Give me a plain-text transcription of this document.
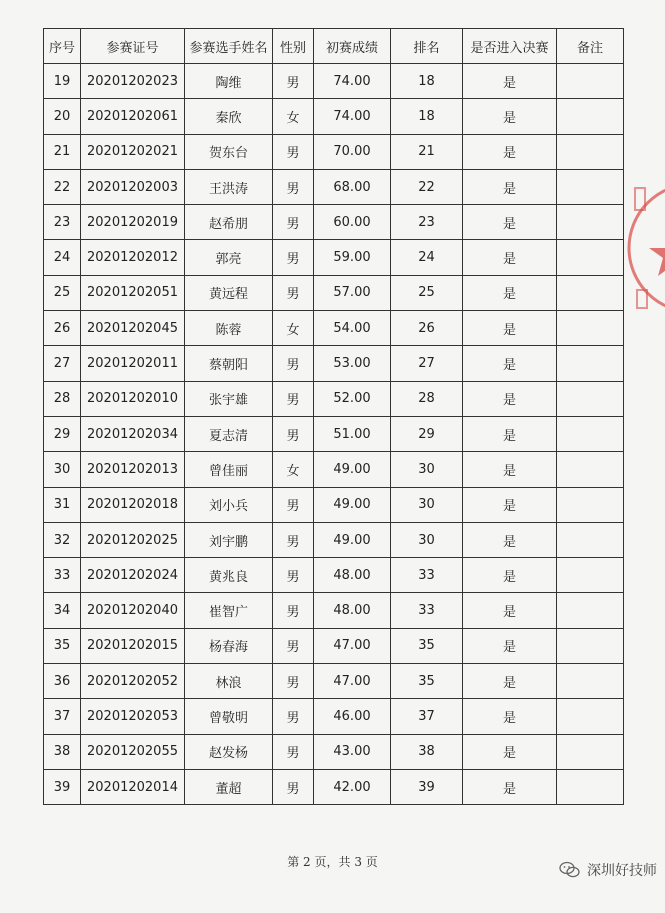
序号	参赛证号	参赛选手姓名	性别	初赛成绩	排名	是否进入决赛	备注
19	20201202023	陶维	男	74.00	18	是	
20	20201202061	秦欣	女	74.00	18	是	
21	20201202021	贺东台	男	70.00	21	是	
22	20201202003	王洪涛	男	68.00	22	是	
23	20201202019	赵希朋	男	60.00	23	是	
24	20201202012	郭亮	男	59.00	24	是	
25	20201202051	黄远程	男	57.00	25	是	
26	20201202045	陈蓉	女	54.00	26	是	
27	20201202011	蔡朝阳	男	53.00	27	是	
28	20201202010	张宇雄	男	52.00	28	是	
29	20201202034	夏志清	男	51.00	29	是	
30	20201202013	曾佳丽	女	49.00	30	是	
31	20201202018	刘小兵	男	49.00	30	是	
32	20201202025	刘宇鹏	男	49.00	30	是	
33	20201202024	黄兆良	男	48.00	33	是	
34	20201202040	崔智广	男	48.00	33	是	
35	20201202015	杨春海	男	47.00	35	是	
36	20201202052	林浪	男	47.00	35	是	
37	20201202053	曾敬明	男	46.00	37	是	
38	20201202055	赵发杨	男	43.00	38	是	
39	20201202014	董超	男	42.00	39	是	
第 2 页，共 3 页
深圳好技师
